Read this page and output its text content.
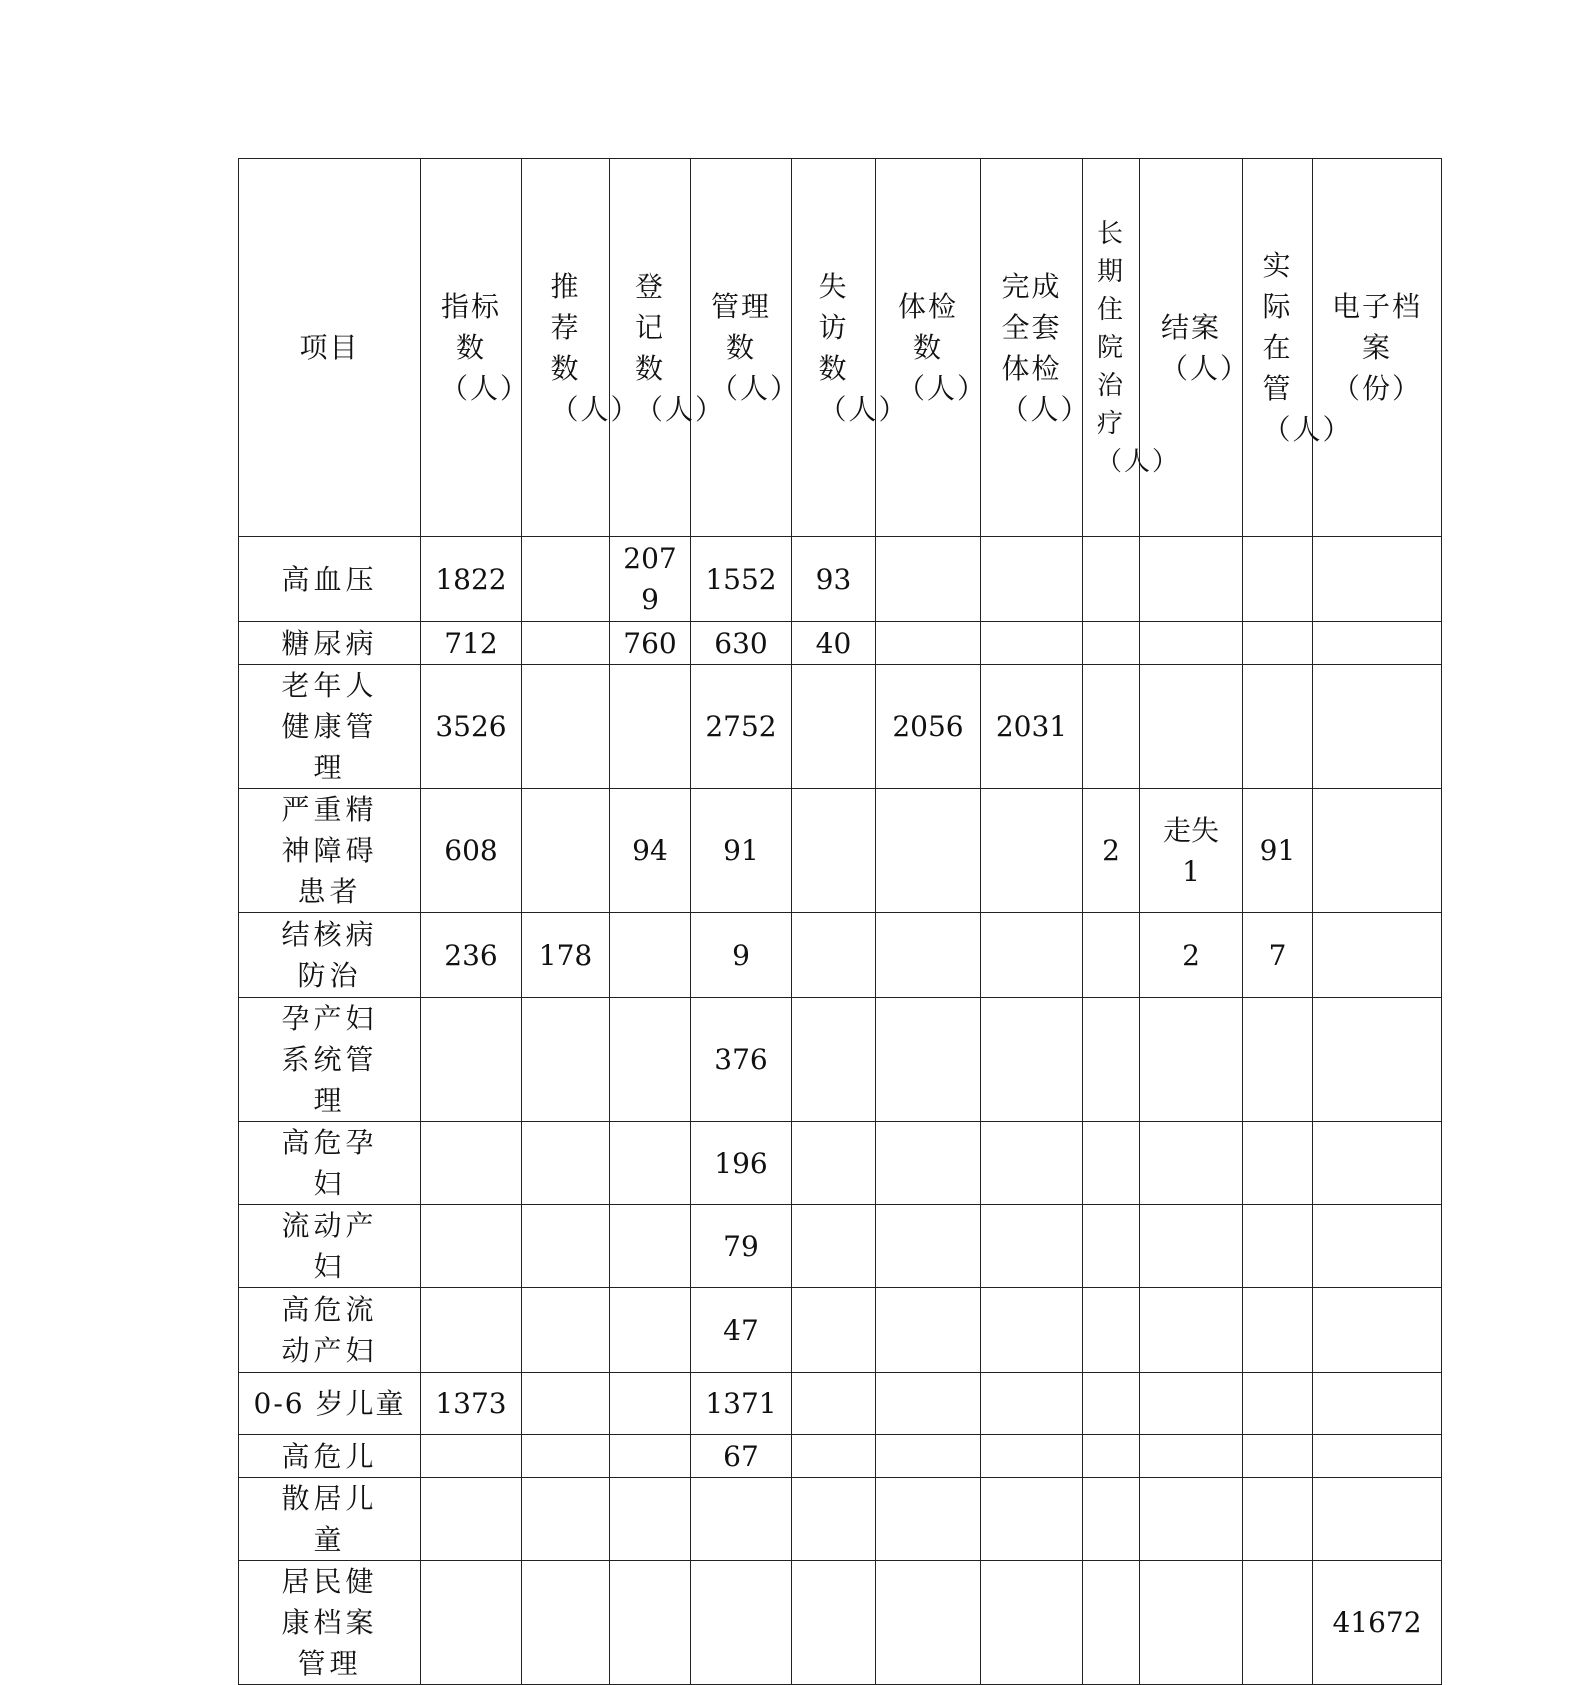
项目	指标数（人）	推荐数（人）	登记数（人）	管理数（人）	失访数（人）	体检数（人）	完成全套体检（人）	长期住院治疗（人）	结案（人）	实际在管（人）	电子档案（份）

高血压	1822		2079	1552	93						

糖尿病	712		760	630	40						

老年人健康管理	3526			2752		2056	2031				

严重精神障碍患者	608		94	91				2	走失1	91	

结核病防治	236	178		9					2	7	

孕产妇系统管理				376							

高危孕妇				196							

流动产妇				79							

高危流动产妇				47							

0-6 岁儿童	1373			1371							

高危儿				67							

散居儿童											

居民健康档案管理											41672
